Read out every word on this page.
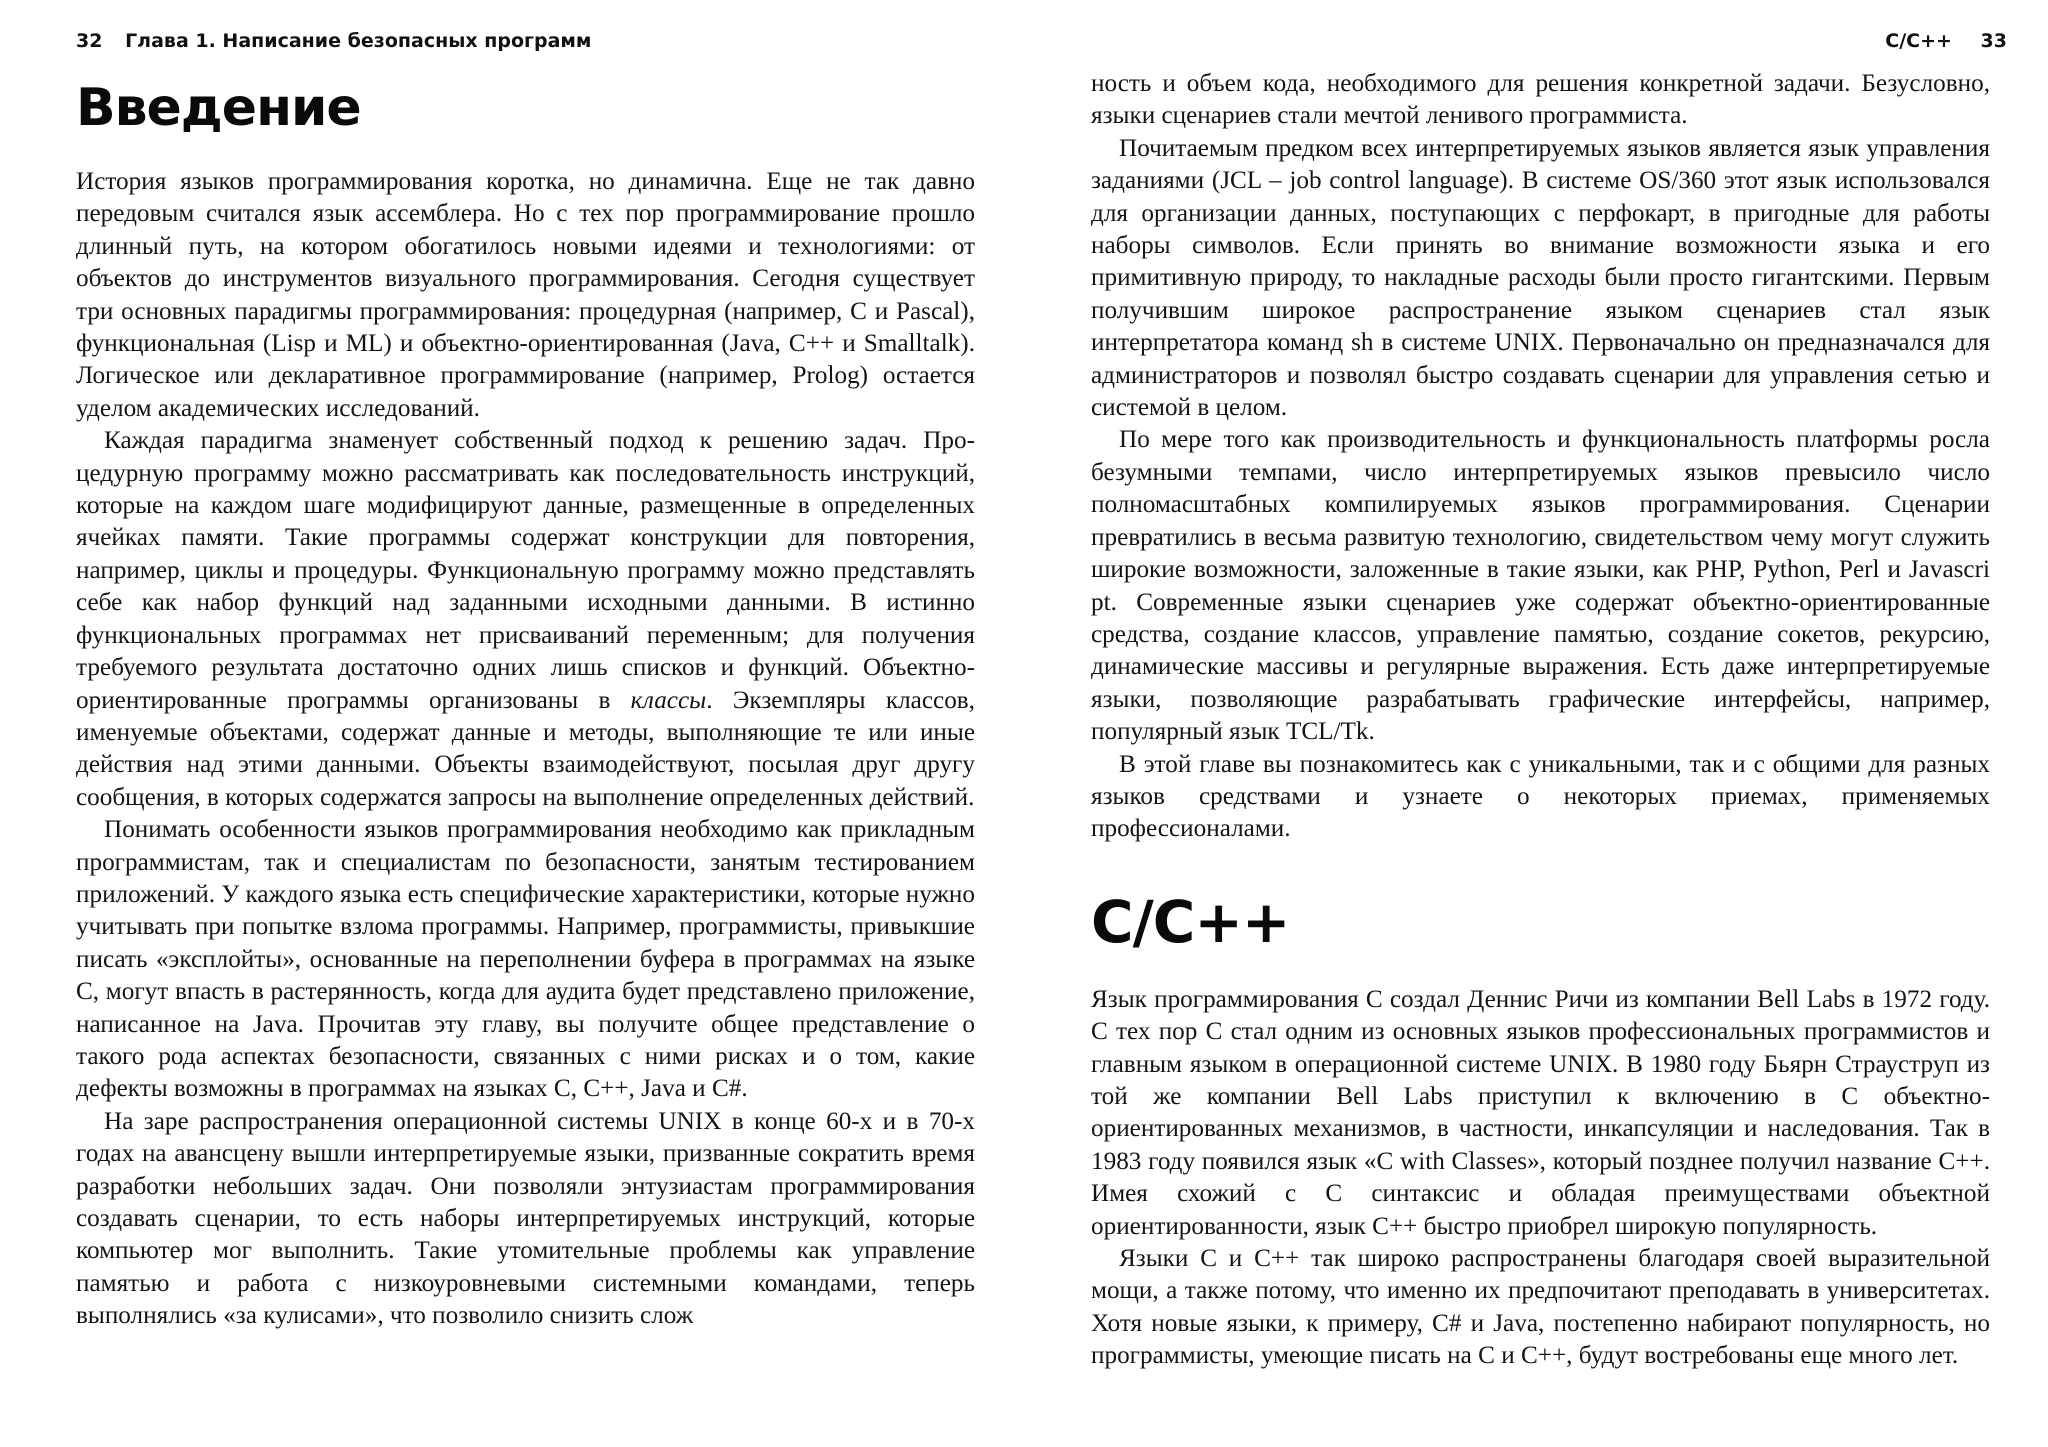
32 Глава 1. Написание безопасных программ
Введение

История языков программирования коротка, но динамична. Еще не так давно передовым считался язык ассемблера. Но с тех пор программирование прошло длинный путь, на котором обогатилось новыми идеями и технологиями: от объектов до инструментов визуального программирования. Сегодня существует три основных парадигмы программирования: процедурная (например, C и Pascal), функциональная (Lisp и ML) и объектно-ориентированная (Java, C++ и Smalltalk). Логическое или декларативное программирование (например, Prolog) остается уделом академических исследований.

Каждая парадигма знаменует собственный подход к решению задач. Процедурную программу можно рассматривать как последовательность инструкций, которые на каждом шаге модифицируют данные, размещенные в определенных ячейках памяти. Такие программы содержат конструкции для повторения, например, циклы и процедуры. Функциональную программу можно представлять себе как набор функций над заданными исходными данными. В истинно функциональных программах нет присваиваний переменным; для получения требуемого результата достаточно одних лишь списков и функций. Объектно-ориентированные программы организованы в классы. Экземпляры классов, именуемые объектами, содержат данные и методы, выполняющие те или иные действия над этими данными. Объекты взаимодействуют, посылая друг другу сообщения, в которых содержатся запросы на выполнение определенных действий.

Понимать особенности языков программирования необходимо как прикладным программистам, так и специалистам по безопасности, занятым тестированием приложений. У каждого языка есть специфические характеристики, которые нужно учитывать при попытке взлома программы. Например, программисты, привыкшие писать «эксплойты», основанные на переполнении буфера в программах на языке C, могут впасть в растерянность, когда для аудита будет представлено приложение, написанное на Java. Прочитав эту главу, вы получите общее представление о такого рода аспектах безопасности, связанных с ними рисках и о том, какие дефекты возможны в программах на языках C, C++, Java и C#.

На заре распространения операционной системы UNIX в конце 60-х и в 70-х годах на авансцену вышли интерпретируемые языки, призванные сократить время разработки небольших задач. Они позволяли энтузиастам программирования создавать сценарии, то есть наборы интерпретируемых инструкций, которые компьютер мог выполнить. Такие утомительные проблемы как управление памятью и работа с низкоуровневыми системными командами, теперь выполнялись «за кулисами», что позволило снизить слож

C/C++ 33

ность и объем кода, необходимого для решения конкретной задачи. Безусловно, языки сценариев стали мечтой ленивого программиста.

Почитаемым предком всех интерпретируемых языков является язык управления заданиями (JCL – job control language). В системе OS/360 этот язык использовался для организации данных, поступающих с перфокарт, в пригодные для работы наборы символов. Если принять во внимание возможности языка и его примитивную природу, то накладные расходы были просто гигантскими. Первым получившим широкое распространение языком сценариев стал язык интерпретатора команд sh в системе UNIX. Первоначально он предназначался для администраторов и позволял быстро создавать сценарии для управления сетью и системой в целом.

По мере того как производительность и функциональность платформы росла безумными темпами, число интерпретируемых языков превысило число полномасштабных компилируемых языков программирования. Сценарии превратились в весьма развитую технологию, свидетельством чему могут служить широкие возможности, заложенные в такие языки, как PHP, Python, Perl и Javascri pt. Современные языки сценариев уже содержат объектно-ориентированные средства, создание классов, управление памятью, создание сокетов, рекурсию, динамические массивы и регулярные выражения. Есть даже интерпретируемые языки, позволяющие разрабатывать графические интерфейсы, например, популярный язык TCL/Tk.

В этой главе вы познакомитесь как с уникальными, так и с общими для разных языков средствами и узнаете о некоторых приемах, применяемых профессионалами.

C/C++

Язык программирования C создал Деннис Ричи из компании Bell Labs в 1972 году. С тех пор C стал одним из основных языков профессиональных программистов и главным языком в операционной системе UNIX. В 1980 году Бьярн Страуструп из той же компании Bell Labs приступил к включению в C объектно-ориентированных механизмов, в частности, инкапсуляции и наследования. Так в 1983 году появился язык «C with Classes», который позднее получил название C++. Имея схожий с C синтаксис и обладая преимуществами объектной ориентированности, язык C++ быстро приобрел широкую популярность.

Языки C и C++ так широко распространены благодаря своей выразительной мощи, а также потому, что именно их предпочитают преподавать в университетах. Хотя новые языки, к примеру, C# и Java, постепенно набирают популярность, но программисты, умеющие писать на C и C++, будут востребованы еще много лет.
